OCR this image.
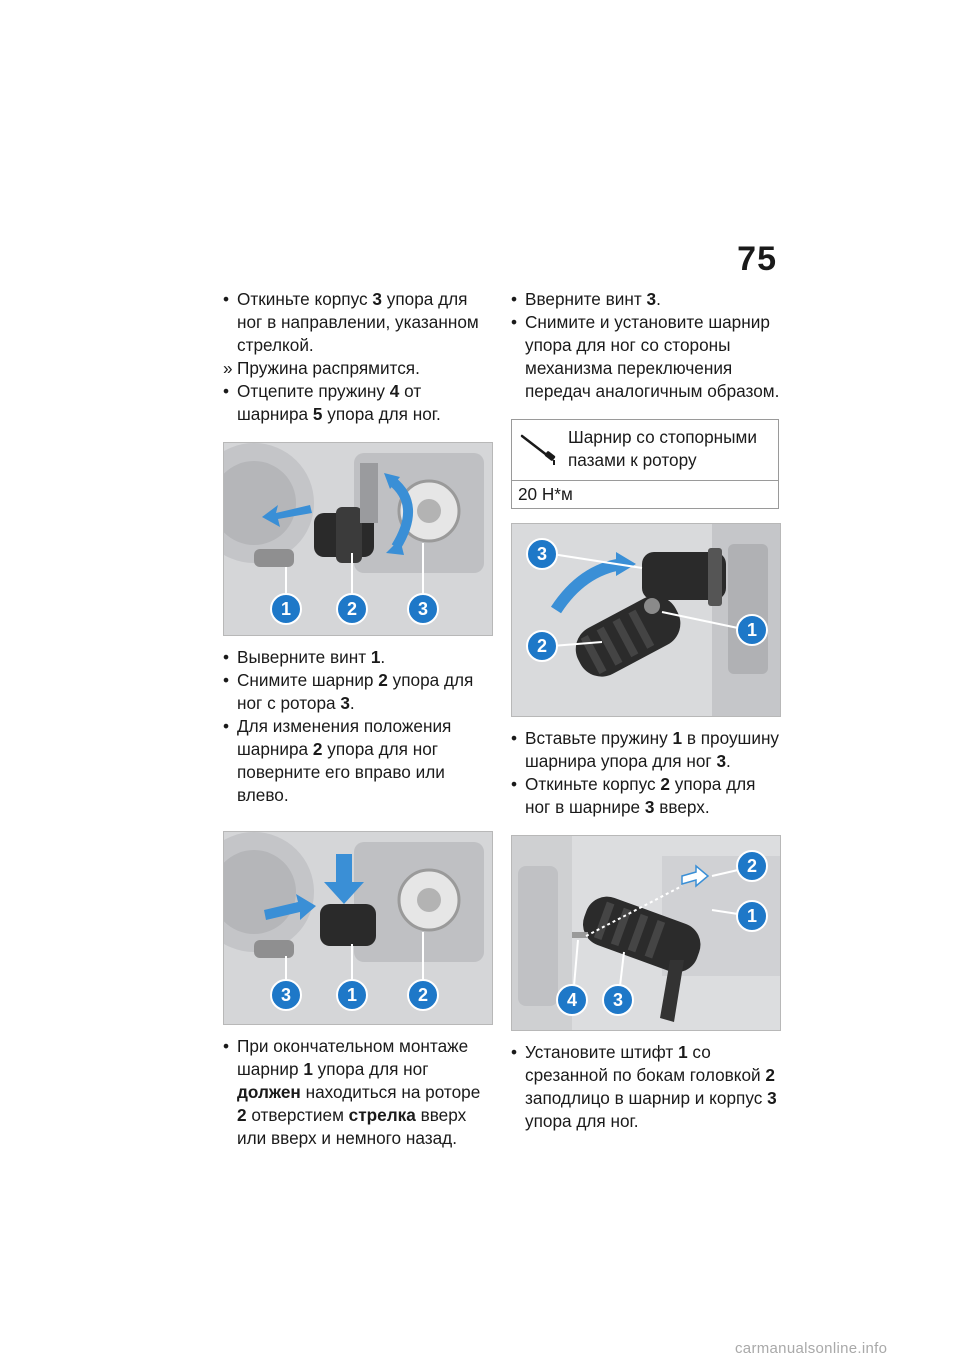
75

• Откиньте корпус 3 упора для ног в направлении, указанном стрелкой.

» Пружина распрямится.

• Отцепите пружину 4 от шарнира 5 упора для ног.

1	2	3

• Выверните винт 1.

• Снимите шарнир 2 упора для ног с ротора 3.

• Для изменения положения шарнира 2 упора для ног поверните его вправо или влево.

3	1	2

• При окончательном монтаже шарнир 1 упора для ног должен находиться на роторе 2 отверстием стрелка вверх или вверх и немного назад.

• Вверните винт 3.

• Снимите и установите шарнир упора для ног со стороны механизма переключения передач аналогичным образом.

Шарнир со стопорными пазами к ротору
20 Н*м
3
2
1

• Вставьте пружину 1 в проушину шарнира упора для ног 3.

• Откиньте корпус 2 упора для ног в шарнире 3 вверх.

2
1
4 3

• Установите штифт 1 со срезанной по бокам головкой 2 заподлицо в шарнир и корпус 3 упора для ног.

carmanualsonline.info
